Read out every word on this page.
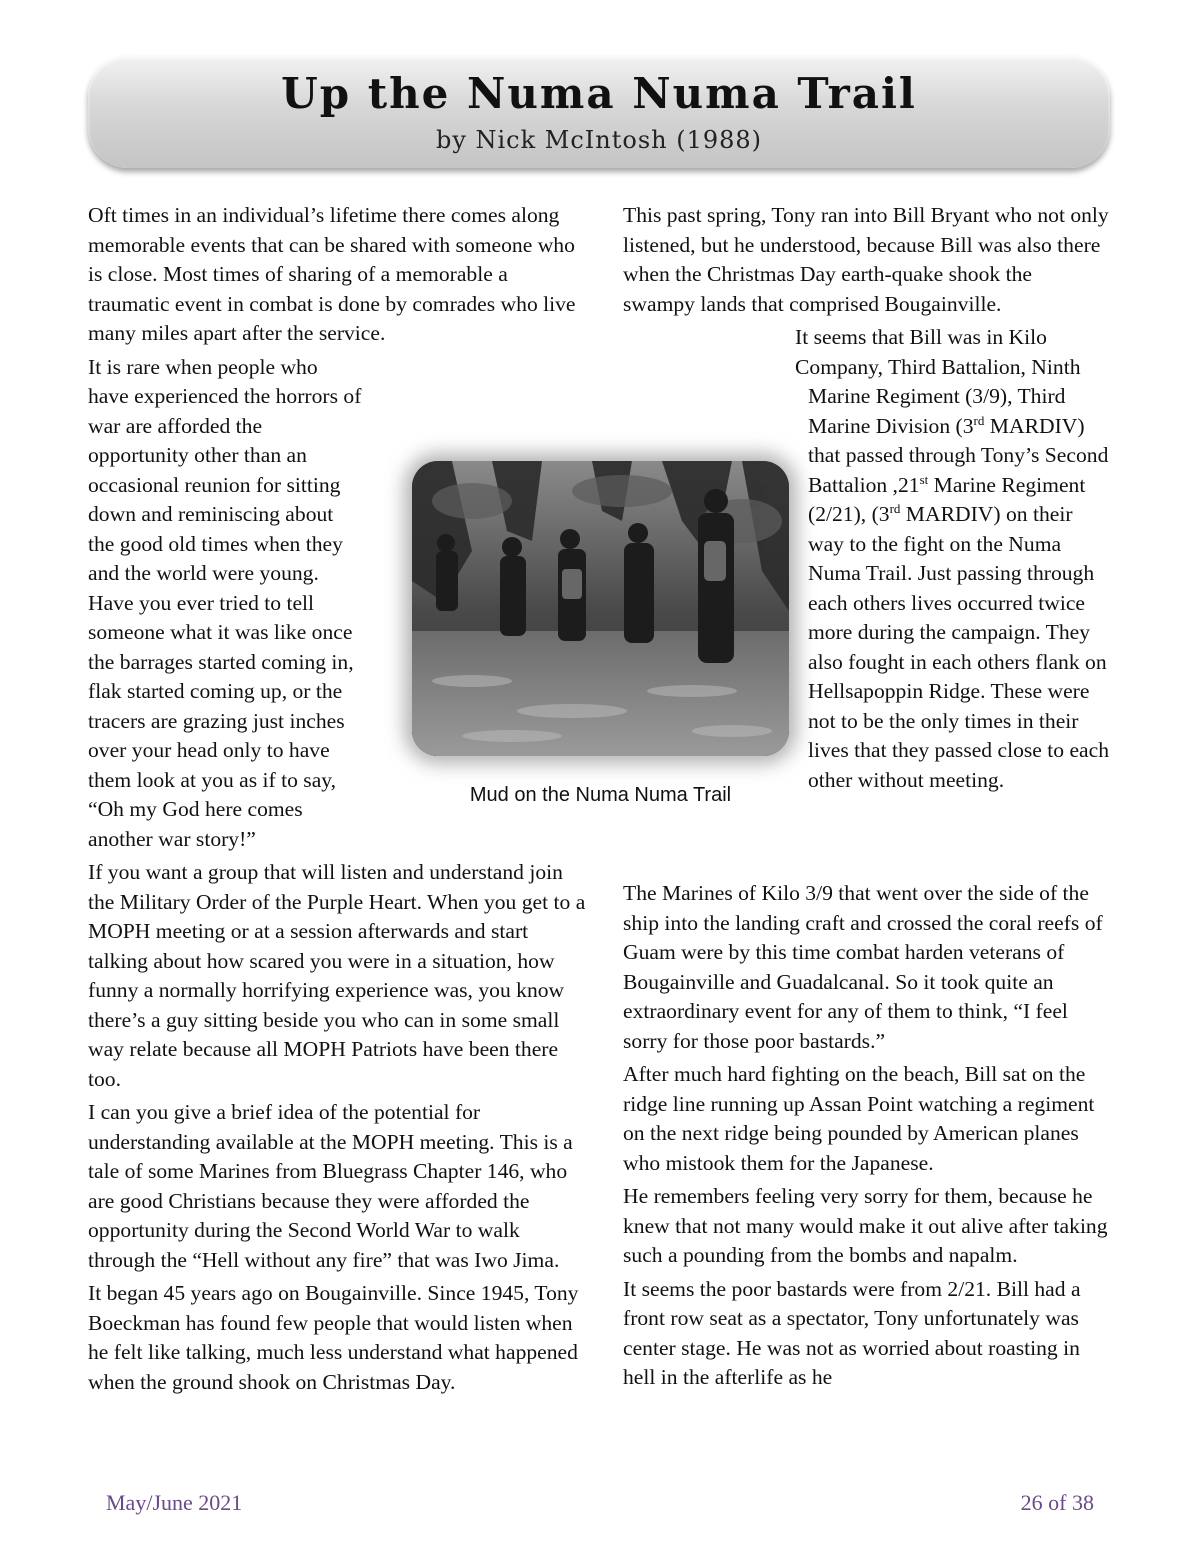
Up the Numa Numa Trail
by Nick McIntosh (1988)

Oft times in an individual’s lifetime there comes along memorable events that can be shared with someone who is close. Most times of sharing of a memorable a traumatic event in combat is done by comrades who live many miles apart after the service.

It is rare when people who have experienced the horrors of war are afforded the opportunity other than an occasional reunion for sitting down and reminiscing about the good old times when they and the world were young. Have you ever tried to tell someone what it was like once the barrages started coming in, flak started coming up, or the tracers are grazing just inches over your head only to have them look at you as if to say, “Oh my God here comes another war story!”

If you want a group that will listen and understand join the Military Order of the Purple Heart. When you get to a MOPH meeting or at a session afterwards and start talking about how scared you were in a situation, how funny a normally horrifying experience was, you know there’s a guy sitting beside you who can in some small way relate because all MOPH Patriots have been there too.

I can you give a brief idea of the potential for understanding available at the MOPH meeting. This is a tale of some Marines from Bluegrass Chapter 146, who are good Christians because they were afforded the opportunity during the Second World War to walk through the “Hell without any fire” that was Iwo Jima.

It began 45 years ago on Bougainville. Since 1945, Tony Boeckman has found few people that would listen when he felt like talking, much less understand what happened when the ground shook on Christmas Day.

This past spring, Tony ran into Bill Bryant who not only listened, but he understood, because Bill was also there when the Christmas Day earth-quake shook the swampy lands that comprised Bougainville.

It seems that Bill was in Kilo Company, Third Battalion, Ninth Marine Regiment (3/9), Third Marine Division (3rd MARDIV) that passed through Tony’s Second Battalion ,21st Marine Regiment (2/21), (3rd MARDIV) on their way to the fight on the Numa Numa Trail. Just passing through each others lives occurred twice more during the campaign. They also fought in each others flank on Hellsapoppin Ridge. These were not to be the only times in their lives that they passed close to each other without meeting.

The Marines of Kilo 3/9 that went over the side of the ship into the landing craft and crossed the coral reefs of Guam were by this time combat harden veterans of Bougainville and Guadalcanal. So it took quite an extraordinary event for any of them to think, “I feel sorry for those poor bastards.”

After much hard fighting on the beach, Bill sat on the ridge line running up Assan Point watching a regiment on the next ridge being pounded by American planes who mistook them for the Japanese.

He remembers feeling very sorry for them, because he knew that not many would make it out alive after taking such a pounding from the bombs and napalm.

It seems the poor bastards were from 2/21. Bill had a front row seat as a spectator, Tony unfortunately was center stage. He was not as worried about roasting in hell in the afterlife as he

Mud on the Numa Numa Trail
May/June 2021	26 of 38
